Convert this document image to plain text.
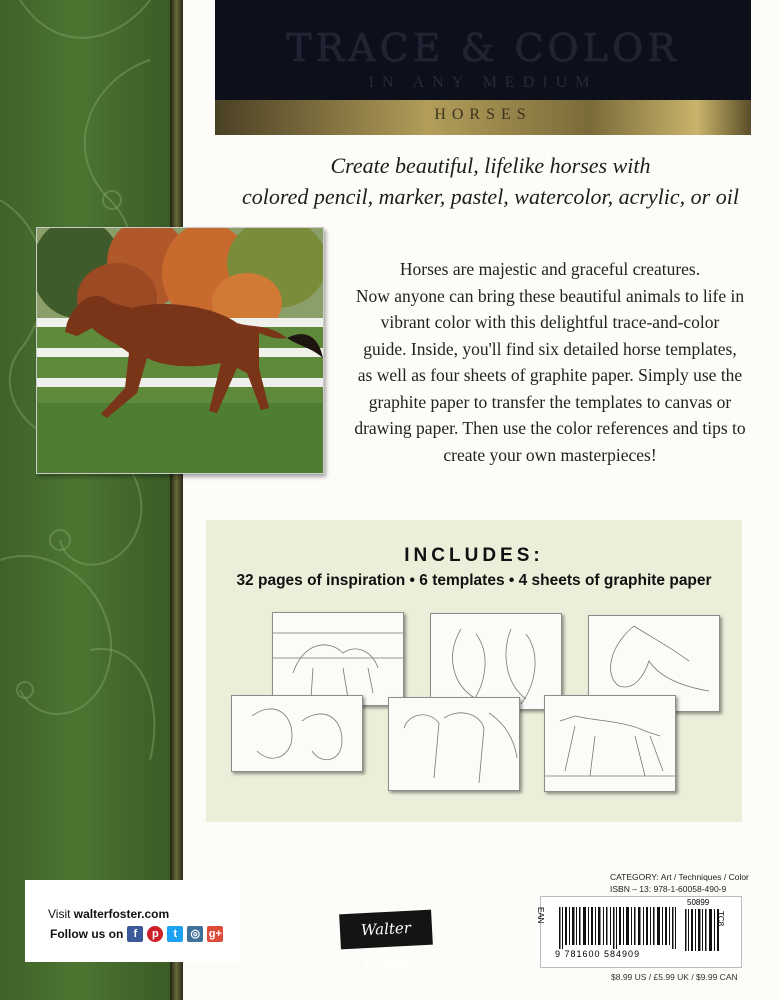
TRACE & COLOR
IN ANY MEDIUM
HORSES
Create beautiful, lifelike horses with
colored pencil, marker, pastel, watercolor, acrylic, or oil
Horses are majestic and graceful creatures.
Now anyone can bring these beautiful animals to life in
vibrant color with this delightful trace-and-color
guide. Inside, you'll find six detailed horse templates,
as well as four sheets of graphite paper. Simply use the
graphite paper to transfer the templates to canvas or
drawing paper. Then use the color references and tips to
create your own masterpieces!
INCLUDES:
32 pages of inspiration • 6 templates • 4 sheets of graphite paper
Visit walterfoster.com
Follow us on f	p	t	◎ g+	Walter Foster
CATEGORY: Art / Techniques / Color
ISBN – 13: 978-1-60058-490-9
EAN
9 781600 584909
50899
TC8
$8.99 US / £5.99 UK / $9.99 CAN
